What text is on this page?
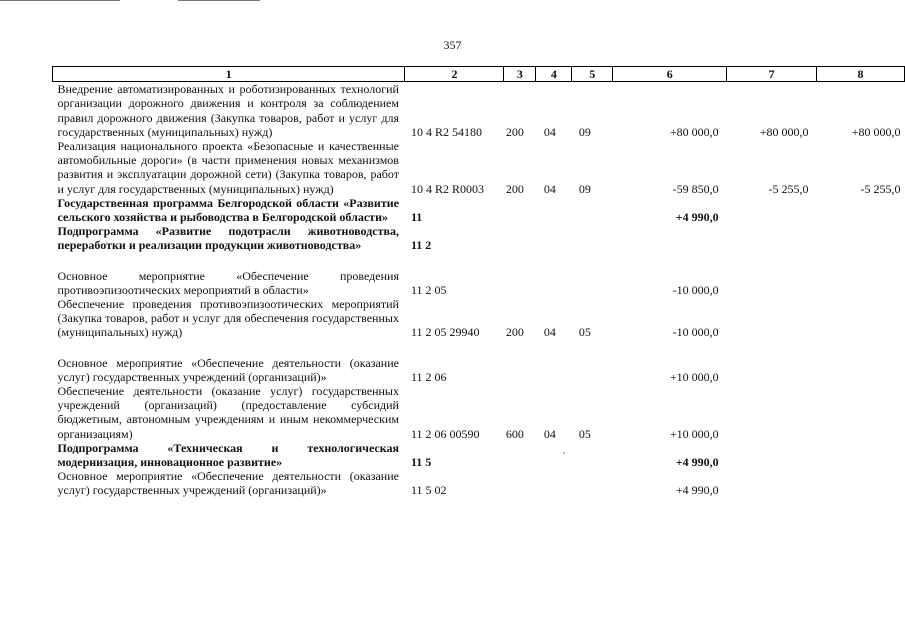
357
1	2	3	4	5	6	7	8
Внедрение автоматизированных и роботизированных технологий организации дорожного движения и контроля за соблюдением правил дорожного движения (Закупка товаров, работ и услуг для государственных (муниципальных) нужд)	10 4 R2 54180	200	04	09	+80 000,0	+80 000,0	+80 000,0
Реализация национального проекта «Безопасные и качественные автомобильные дороги» (в части применения новых механизмов развития и эксплуатации дорожной сети) (Закупка товаров, работ и услуг для государственных (муниципальных) нужд)	10 4 R2 R0003	200	04	09	-59 850,0	-5 255,0	-5 255,0
Государственная программа Белгородской области «Развитие сельского хозяйства и рыбоводства в Белгородской области»	11				+4 990,0		
Подпрограмма «Развитие подотрасли животноводства, переработки и реализации продукции животноводства»	11 2						
Основное мероприятие «Обеспечение проведения противоэпизоотических мероприятий в области»	11 2 05				-10 000,0		
Обеспечение проведения противоэпизоотических мероприятий (Закупка товаров, работ и услуг для обеспечения государственных (муниципальных) нужд)	11 2 05 29940	200	04	05	-10 000,0		
Основное мероприятие «Обеспечение деятельности (оказание услуг) государственных учреждений (организаций)»	11 2 06				+10 000,0		
Обеспечение деятельности (оказание услуг) государственных учреждений (организаций) (предоставление субсидий бюджетным, автономным учреждениям и иным некоммерческим организациям)	11 2 06 00590	600	04	05	+10 000,0		
Подпрограмма «Техническая и технологическая модернизация, инновационное развитие»	11 5				+4 990,0		
Основное мероприятие «Обеспечение деятельности (оказание услуг) государственных учреждений (организаций)»	11 5 02				+4 990,0		
